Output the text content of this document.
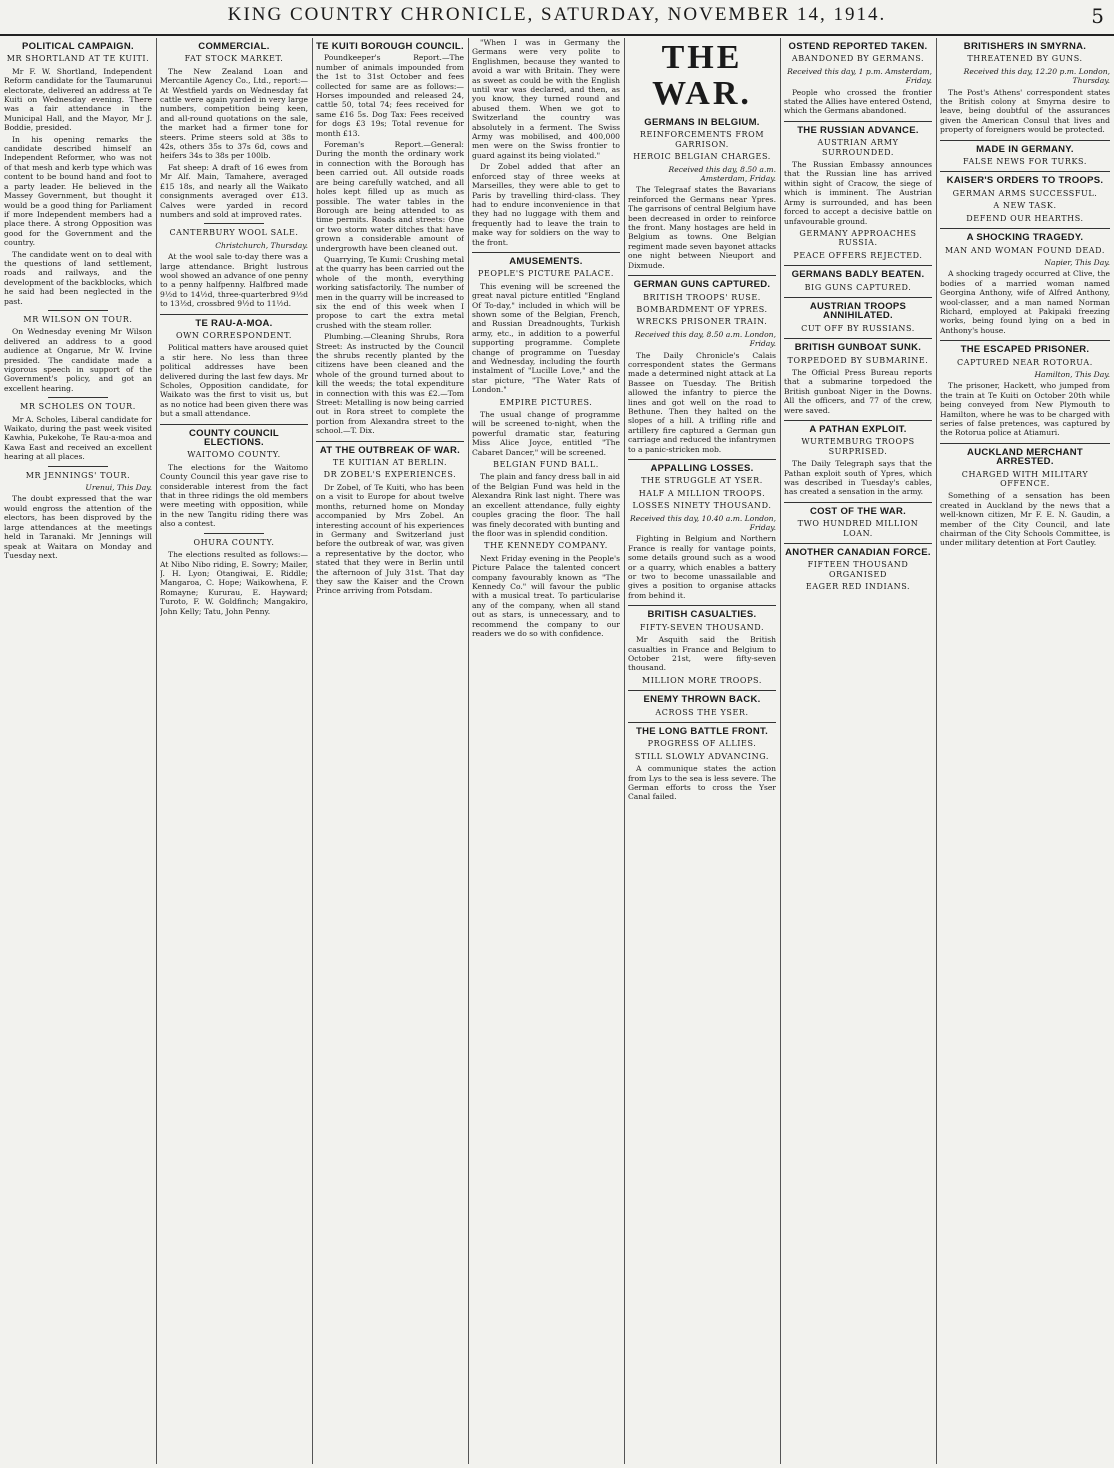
KING COUNTRY CHRONICLE, SATURDAY, NOVEMBER 14, 1914.	5
POLITICAL CAMPAIGN.
MR SHORTLAND AT TE KUITI.

Mr F. W. Shortland, Independent Reform candidate for the Taumarunui electorate, delivered an address at Te Kuiti on Wednesday evening. There was a fair attendance in the Municipal Hall, and the Mayor, Mr J. Boddie, presided.

In his opening remarks the candidate described himself an Independent Reformer, who was not of that mesh and kerb type which was content to be bound hand and foot to a party leader. He believed in the Massey Government, but thought it would be a good thing for Parliament if more Independent members had a place there. A strong Opposition was good for the Government and the country.

The candidate went on to deal with the questions of land settlement, roads and railways, and the development of the backblocks, which he said had been neglected in the past.

MR WILSON ON TOUR.

On Wednesday evening Mr Wilson delivered an address to a good audience at Ongarue, Mr W. Irvine presided. The candidate made a vigorous speech in support of the Government's policy, and got an excellent hearing.

MR SCHOLES ON TOUR.

Mr A. Scholes, Liberal candidate for Waikato, during the past week visited Kawhia, Pukekohe, Te Rau-a-moa and Kawa East and received an excellent hearing at all places.

MR JENNINGS' TOUR.
Urenui, This Day.

The doubt expressed that the war would engross the attention of the electors, has been disproved by the large attendances at the meetings held in Taranaki. Mr Jennings will speak at Waitara on Monday and Tuesday next.

COMMERCIAL.
FAT STOCK MARKET.

The New Zealand Loan and Mercantile Agency Co., Ltd., report:— At Westfield yards on Wednesday fat cattle were again yarded in very large numbers, competition being keen, and all-round quotations on the sale, the market had a firmer tone for steers. Prime steers sold at 38s to 42s, others 35s to 37s 6d, cows and heifers 34s to 38s per 100lb.

Fat sheep: A draft of 16 ewes from Mr Alf. Main, Tamahere, averaged £15 18s, and nearly all the Waikato consignments averaged over £13. Calves were yarded in record numbers and sold at improved rates.

CANTERBURY WOOL SALE.
Christchurch, Thursday.

At the wool sale to-day there was a large attendance. Bright lustrous wool showed an advance of one penny to a penny halfpenny. Halfbred made 9½d to 14½d, three-quarterbred 9½d to 13½d, crossbred 9½d to 11½d.

TE RAU-A-MOA.
OWN CORRESPONDENT.

Political matters have aroused quiet a stir here. No less than three political addresses have been delivered during the last few days. Mr Scholes, Opposition candidate, for Waikato was the first to visit us, but as no notice had been given there was but a small attendance.

COUNTY COUNCIL ELECTIONS.
WAITOMO COUNTY.

The elections for the Waitomo County Council this year gave rise to considerable interest from the fact that in three ridings the old members were meeting with opposition, while in the new Tangitu riding there was also a contest.

OHURA COUNTY.

The elections resulted as follows:— At Nibo Nibo riding, E. Sowry; Mailer, J. H. Lyon; Otangiwai, E. Riddle; Mangaroa, C. Hope; Waikowhena, F. Romayne; Kururau, E. Hayward; Turoto, F. W. Goldfinch; Mangakiro, John Kelly; Tatu, John Penny.

TE KUITI BOROUGH COUNCIL.

Poundkeeper's Report.—The number of animals impounded from the 1st to 31st October and fees collected for same are as follows:—Horses impounded and released 24, cattle 50, total 74; fees received for same £16 5s. Dog Tax: Fees received for dogs £3 19s; Total revenue for month £13.

Foreman's Report.—General: During the month the ordinary work in connection with the Borough has been carried out. All outside roads are being carefully watched, and all holes kept filled up as much as possible. The water tables in the Borough are being attended to as time permits. Roads and streets: One or two storm water ditches that have grown a considerable amount of undergrowth have been cleaned out.

Quarrying, Te Kumi: Crushing metal at the quarry has been carried out the whole of the month, everything working satisfactorily. The number of men in the quarry will be increased to six the end of this week when I propose to cart the extra metal crushed with the steam roller.

Plumbing.—Cleaning Shrubs, Rora Street: As instructed by the Council the shrubs recently planted by the citizens have been cleaned and the whole of the ground turned about to kill the weeds; the total expenditure in connection with this was £2.—Tom Street: Metalling is now being carried out in Rora street to complete the portion from Alexandra street to the school.—T. Dix.

AT THE OUTBREAK OF WAR.
TE KUITIAN AT BERLIN.
DR ZOBEL'S EXPERIENCES.

Dr Zobel, of Te Kuiti, who has been on a visit to Europe for about twelve months, returned home on Monday accompanied by Mrs Zobel. An interesting account of his experiences in Germany and Switzerland just before the outbreak of war, was given a representative by the doctor, who stated that they were in Berlin until the afternoon of July 31st. That day they saw the Kaiser and the Crown Prince arriving from Potsdam.

"When I was in Germany the Germans were very polite to Englishmen, because they wanted to avoid a war with Britain. They were as sweet as could be with the English until war was declared, and then, as you know, they turned round and abused them. When we got to Switzerland the country was absolutely in a ferment. The Swiss Army was mobilised, and 400,000 men were on the Swiss frontier to guard against its being violated."

Dr Zobel added that after an enforced stay of three weeks at Marseilles, they were able to get to Paris by travelling third-class. They had to endure inconvenience in that they had no luggage with them and frequently had to leave the train to make way for soldiers on the way to the front.

AMUSEMENTS.
PEOPLE'S PICTURE PALACE.

This evening will be screened the great naval picture entitled "England Of To-day," included in which will be shown some of the Belgian, French, and Russian Dreadnoughts, Turkish army, etc., in addition to a powerful supporting programme. Complete change of programme on Tuesday and Wednesday, including the fourth instalment of "Lucille Love," and the star picture, "The Water Rats of London."

EMPIRE PICTURES.

The usual change of programme will be screened to-night, when the powerful dramatic star, featuring Miss Alice Joyce, entitled "The Cabaret Dancer," will be screened.

BELGIAN FUND BALL.

The plain and fancy dress ball in aid of the Belgian Fund was held in the Alexandra Rink last night. There was an excellent attendance, fully eighty couples gracing the floor. The hall was finely decorated with bunting and the floor was in splendid condition.

THE KENNEDY COMPANY.

Next Friday evening in the People's Picture Palace the talented concert company favourably known as "The Kennedy Co." will favour the public with a musical treat. To particularise any of the company, when all stand out as stars, is unnecessary, and to recommend the company to our readers we do so with confidence.

THE WAR.
GERMANS IN BELGIUM.
REINFORCEMENTS FROM GARRISON.
HEROIC BELGIAN CHARGES.
Received this day, 8.50 a.m. Amsterdam, Friday.

The Telegraaf states the Bavarians reinforced the Germans near Ypres. The garrisons of central Belgium have been decreased in order to reinforce the front. Many hostages are held in Belgium as towns. One Belgian regiment made seven bayonet attacks one night between Nieuport and Dixmude.

GERMAN GUNS CAPTURED.
BRITISH TROOPS' RUSE.
BOMBARDMENT OF YPRES.
WRECKS PRISONER TRAIN.
Received this day, 8.50 a.m. London, Friday.

The Daily Chronicle's Calais correspondent states the Germans made a determined night attack at La Bassee on Tuesday. The British allowed the infantry to pierce the lines and got well on the road to Bethune. Then they halted on the slopes of a hill. A trifling rifle and artillery fire captured a German gun carriage and reduced the infantrymen to a panic-stricken mob.

APPALLING LOSSES.
THE STRUGGLE AT YSER.
HALF A MILLION TROOPS.
LOSSES NINETY THOUSAND.
Received this day, 10.40 a.m. London, Friday.

Fighting in Belgium and Northern France is really for vantage points, some details ground such as a wood or a quarry, which enables a battery or two to become unassailable and gives a position to organise attacks from behind it.

BRITISH CASUALTIES.
FIFTY-SEVEN THOUSAND.

Mr Asquith said the British casualties in France and Belgium to October 21st, were fifty-seven thousand.

MILLION MORE TROOPS.
ENEMY THROWN BACK.
ACROSS THE YSER.
THE LONG BATTLE FRONT.
PROGRESS OF ALLIES.
STILL SLOWLY ADVANCING.

A communique states the action from Lys to the sea is less severe. The German efforts to cross the Yser Canal failed.

OSTEND REPORTED TAKEN.
ABANDONED BY GERMANS.
Received this day, 1 p.m. Amsterdam, Friday.

People who crossed the frontier stated the Allies have entered Ostend, which the Germans abandoned.

THE RUSSIAN ADVANCE.
AUSTRIAN ARMY SURROUNDED.

The Russian Embassy announces that the Russian line has arrived within sight of Cracow, the siege of which is imminent. The Austrian Army is surrounded, and has been forced to accept a decisive battle on unfavourable ground.

GERMANY APPROACHES RUSSIA.
PEACE OFFERS REJECTED.
GERMANS BADLY BEATEN.
BIG GUNS CAPTURED.
AUSTRIAN TROOPS ANNIHILATED.
CUT OFF BY RUSSIANS.
BRITISH GUNBOAT SUNK.
TORPEDOED BY SUBMARINE.

The Official Press Bureau reports that a submarine torpedoed the British gunboat Niger in the Downs. All the officers, and 77 of the crew, were saved.

A PATHAN EXPLOIT.
WURTEMBURG TROOPS SURPRISED.

The Daily Telegraph says that the Pathan exploit south of Ypres, which was described in Tuesday's cables, has created a sensation in the army.

COST OF THE WAR.
TWO HUNDRED MILLION LOAN.
ANOTHER CANADIAN FORCE.
FIFTEEN THOUSAND ORGANISED
EAGER RED INDIANS.
BRITISHERS IN SMYRNA.
THREATENED BY GUNS.
Received this day, 12.20 p.m. London, Thursday.

The Post's Athens' correspondent states the British colony at Smyrna desire to leave, being doubtful of the assurances given the American Consul that lives and property of foreigners would be protected.

MADE IN GERMANY.
FALSE NEWS FOR TURKS.
KAISER'S ORDERS TO TROOPS.
GERMAN ARMS SUCCESSFUL.
A NEW TASK.
DEFEND OUR HEARTHS.
A SHOCKING TRAGEDY.
MAN AND WOMAN FOUND DEAD.
Napier, This Day.

A shocking tragedy occurred at Clive, the bodies of a married woman named Georgina Anthony, wife of Alfred Anthony, wool-classer, and a man named Norman Richard, employed at Pakipaki freezing works, being found lying on a bed in Anthony's house.

THE ESCAPED PRISONER.
CAPTURED NEAR ROTORUA.
Hamilton, This Day.

The prisoner, Hackett, who jumped from the train at Te Kuiti on October 20th while being conveyed from New Plymouth to Hamilton, where he was to be charged with series of false pretences, was captured by the Rotorua police at Atiamuri.

AUCKLAND MERCHANT ARRESTED.
CHARGED WITH MILITARY OFFENCE.

Something of a sensation has been created in Auckland by the news that a well-known citizen, Mr F. E. N. Gaudin, a member of the City Council, and late chairman of the City Schools Committee, is under military detention at Fort Cautley.
